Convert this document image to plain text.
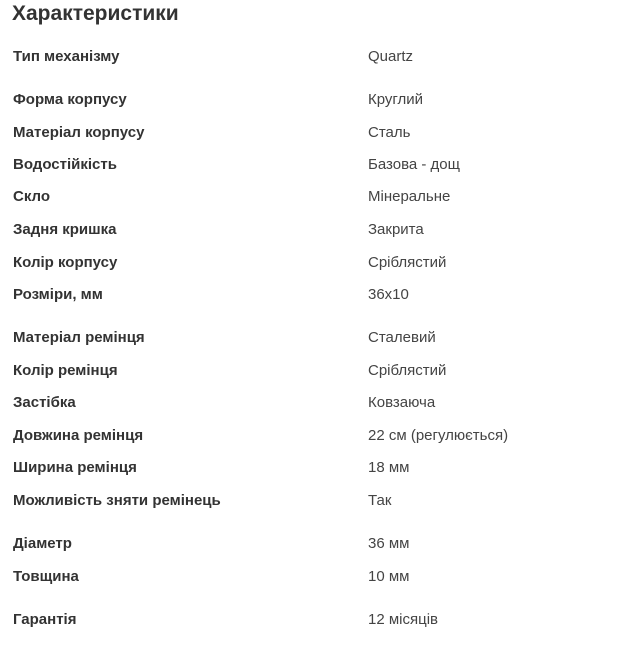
Характеристики
Тип механізму	Quartz
Форма корпусу	Круглий
Матеріал корпусу	Сталь
Водостійкість	Базова - дощ
Скло	Мінеральне
Задня кришка	Закрита
Колір корпусу	Сріблястий
Розміри, мм	36x10
Матеріал ремінця	Сталевий
Колір ремінця	Сріблястий
Застібка	Ковзаюча
Довжина ремінця	22 см (регулюється)
Ширина ремінця	18 мм
Можливість зняти ремінець	Так
Діаметр	36 мм
Товщина	10 мм
Гарантія	12 місяців
